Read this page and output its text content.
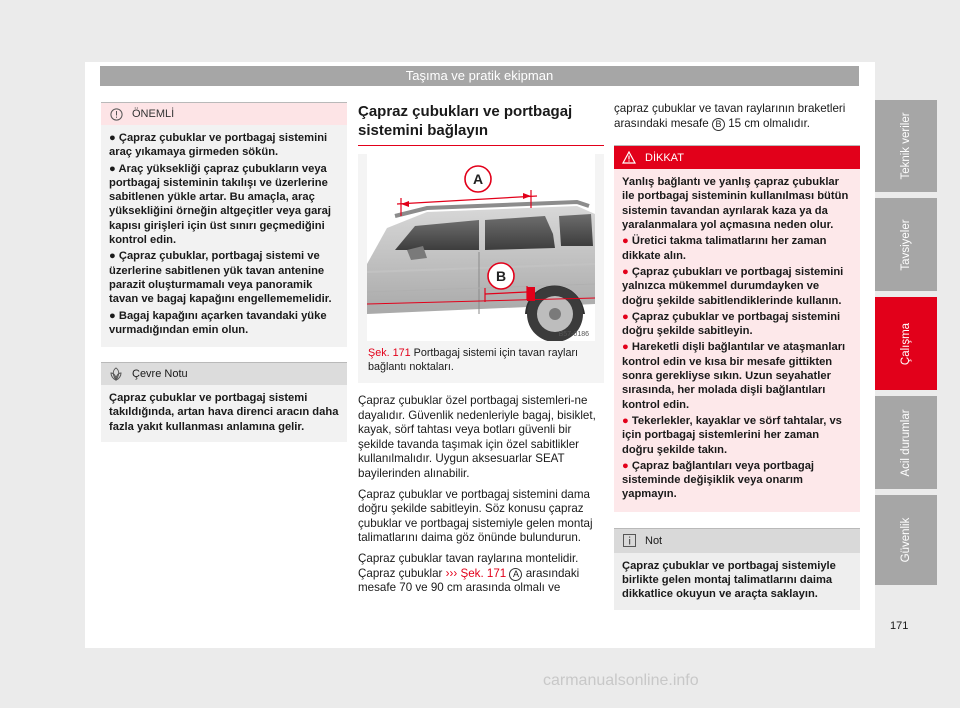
Taşıma ve pratik ekipman
ÖNEMLİ

● Çapraz çubuklar ve portbagaj sistemini araç yıkamaya girmeden sökün.

● Araç yüksekliği çapraz çubukların veya portbagaj sisteminin takılışı ve üzerlerine sabitlenen yükle artar. Bu amaçla, araç yüksekliğini örneğin altgeçitler veya garaj kapısı girişleri için üst sınırı geçmediğini kontrol edin.

● Çapraz çubuklar, portbagaj sistemi ve üzerlerine sabitlenen yük tavan antenine parazit oluşturmamalı veya panoramik tavan ve bagaj kapağını engellememelidir.

● Bagaj kapağını açarken tavandaki yüke vurmadığından emin olun.

Çevre Notu
Çapraz çubuklar ve portbagaj sistemi takıldığında, artan hava direnci aracın daha fazla yakıt kullanması anlamına gelir.
Çapraz çubukları ve portbagaj sistemini bağlayın
A
B
B57-0186
Şek. 171 Portbagaj sistemi için tavan rayları bağlantı noktaları.

Çapraz çubuklar özel portbagaj sistemleri-ne dayalıdır. Güvenlik nedenleriyle bagaj, bisiklet, kayak, sörf tahtası veya botları güvenli bir şekilde tavanda taşımak için özel sabitlikler kullanılmalıdır. Uygun aksesuarlar SEAT bayilerinden alınabilir.

Çapraz çubuklar ve portbagaj sistemini dama doğru şekilde sabitleyin. Söz konusu çapraz çubuklar ve portbagaj sistemiyle gelen montaj talimatlarını daima göz önünde bulundurun.

Çapraz çubuklar tavan raylarına montelidir. Çapraz çubuklar ››› Şek. 171 A arasındaki mesafe 70 ve 90 cm arasında olmalı ve

çapraz çubuklar ve tavan raylarının braketleri arasındaki mesafe B 15 cm olmalıdır.

DİKKAT

Yanlış bağlantı ve yanlış çapraz çubuklar ile portbagaj sisteminin kullanılması bütün sistemin tavandan ayrılarak kaza ya da yaralanmalara yol açmasına neden olur.

● Üretici takma talimatlarını her zaman dikkate alın.

● Çapraz çubukları ve portbagaj sistemini yalnızca mükemmel durumdayken ve doğru şekilde sabitlendiklerinde kullanın.

● Çapraz çubuklar ve portbagaj sistemini doğru şekilde sabitleyin.

● Hareketli dişli bağlantılar ve ataşmanları kontrol edin ve kısa bir mesafe gittikten sonra gerekliyse sıkın. Uzun seyahatler sırasında, her molada dişli bağlantıları kontrol edin.

● Tekerlekler, kayaklar ve sörf tahtalar, vs için portbagaj sistemlerini her zaman doğru şekilde takın.

● Çapraz bağlantıları veya portbagaj sisteminde değişiklik veya onarım yapmayın.

Not
Çapraz çubuklar ve portbagaj sistemiyle birlikte gelen montaj talimatlarını daima dikkatlice okuyun ve araçta saklayın.
Teknik veriler
Tavsiyeler
Çalışma
Acil durumlar
Güvenlik
171
carmanualsonline.info
